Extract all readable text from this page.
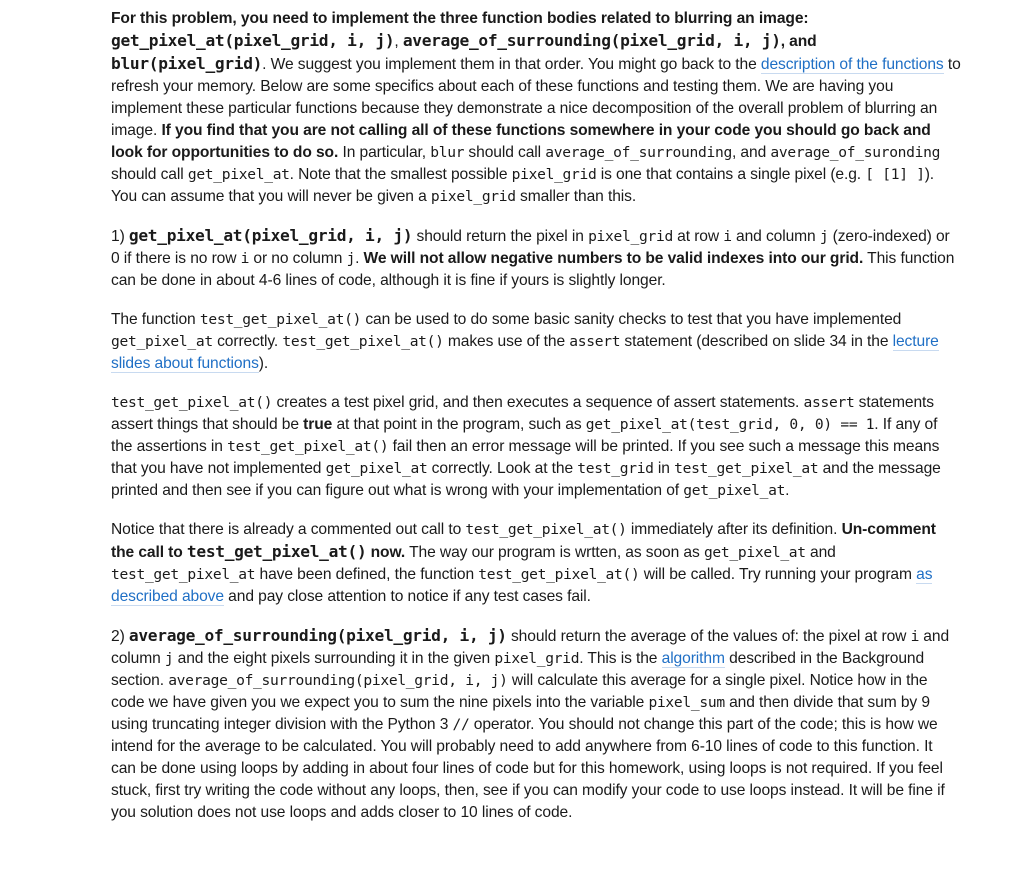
For this problem, you need to implement the three function bodies related to blurring an image: get_pixel_at(pixel_grid, i, j), average_of_surrounding(pixel_grid, i, j), and blur(pixel_grid). We suggest you implement them in that order. You might go back to the description of the functions to refresh your memory. Below are some specifics about each of these functions and testing them. We are having you implement these particular functions because they demonstrate a nice decomposition of the overall problem of blurring an image. If you find that you are not calling all of these functions somewhere in your code you should go back and look for opportunities to do so. In particular, blur should call average_of_surrounding, and average_of_suronding should call get_pixel_at. Note that the smallest possible pixel_grid is one that contains a single pixel (e.g. [ [1] ]). You can assume that you will never be given a pixel_grid smaller than this.

1) get_pixel_at(pixel_grid, i, j) should return the pixel in pixel_grid at row i and column j (zero-indexed) or 0 if there is no row i or no column j. We will not allow negative numbers to be valid indexes into our grid. This function can be done in about 4-6 lines of code, although it is fine if yours is slightly longer.

The function test_get_pixel_at() can be used to do some basic sanity checks to test that you have implemented get_pixel_at correctly. test_get_pixel_at() makes use of the assert statement (described on slide 34 in the lecture slides about functions).

test_get_pixel_at() creates a test pixel grid, and then executes a sequence of assert statements. assert statements assert things that should be true at that point in the program, such as get_pixel_at(test_grid, 0, 0) == 1. If any of the assertions in test_get_pixel_at() fail then an error message will be printed. If you see such a message this means that you have not implemented get_pixel_at correctly. Look at the test_grid in test_get_pixel_at and the message printed and then see if you can figure out what is wrong with your implementation of get_pixel_at.

Notice that there is already a commented out call to test_get_pixel_at() immediately after its definition. Un-comment the call to test_get_pixel_at() now. The way our program is wrtten, as soon as get_pixel_at and test_get_pixel_at have been defined, the function test_get_pixel_at() will be called. Try running your program as described above and pay close attention to notice if any test cases fail.

2) average_of_surrounding(pixel_grid, i, j) should return the average of the values of: the pixel at row i and column j and the eight pixels surrounding it in the given pixel_grid. This is the algorithm described in the Background section. average_of_surrounding(pixel_grid, i, j) will calculate this average for a single pixel. Notice how in the code we have given you we expect you to sum the nine pixels into the variable pixel_sum and then divide that sum by 9 using truncating integer division with the Python 3 // operator. You should not change this part of the code; this is how we intend for the average to be calculated. You will probably need to add anywhere from 6-10 lines of code to this function. It can be done using loops by adding in about four lines of code but for this homework, using loops is not required. If you feel stuck, first try writing the code without any loops, then, see if you can modify your code to use loops instead. It will be fine if you solution does not use loops and adds closer to 10 lines of code.
